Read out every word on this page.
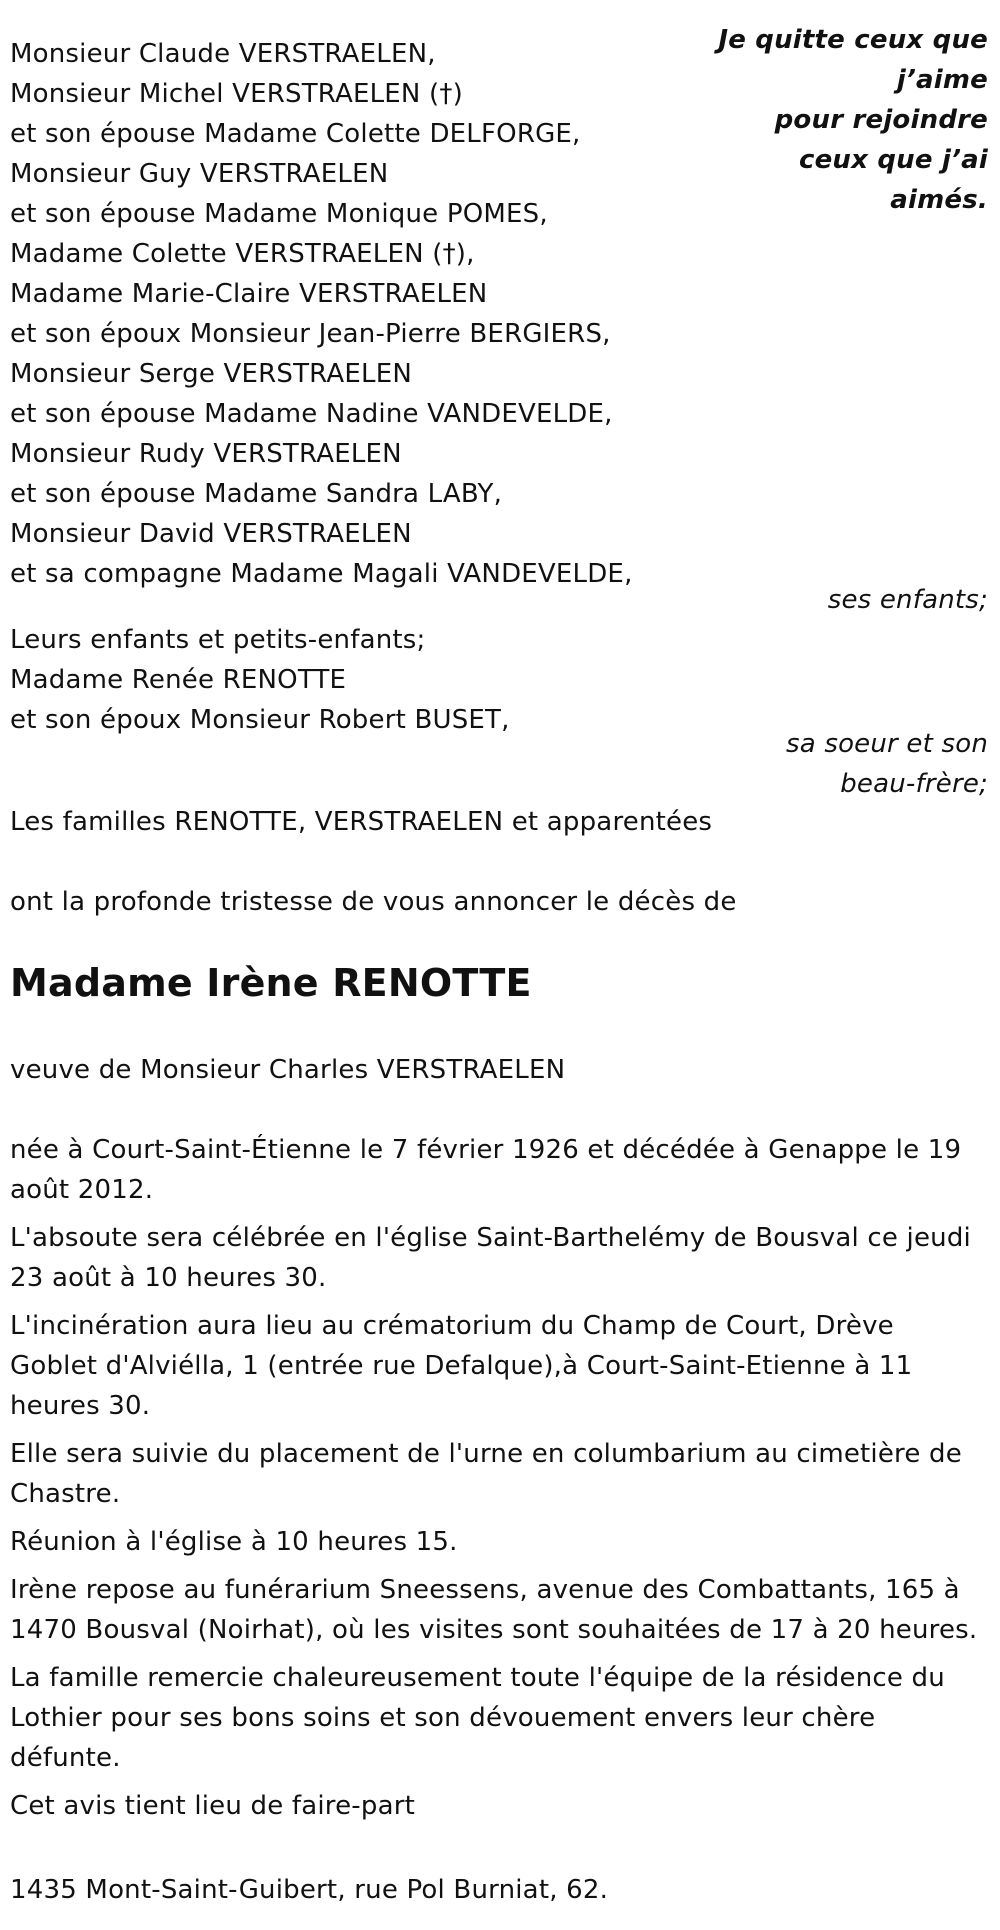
Je quitte ceux que
j’aime
pour rejoindre
ceux que j’ai
aimés.
Monsieur Claude VERSTRAELEN,
Monsieur Michel VERSTRAELEN (†)
et son épouse Madame Colette DELFORGE,
Monsieur Guy VERSTRAELEN
et son épouse Madame Monique POMES,
Madame Colette VERSTRAELEN (†),
Madame Marie-Claire VERSTRAELEN
et son époux Monsieur Jean-Pierre BERGIERS,
Monsieur Serge VERSTRAELEN
et son épouse Madame Nadine VANDEVELDE,
Monsieur Rudy VERSTRAELEN
et son épouse Madame Sandra LABY,
Monsieur David VERSTRAELEN
et sa compagne Madame Magali VANDEVELDE,
ses enfants;
Leurs enfants et petits-enfants;
Madame Renée RENOTTE
et son époux Monsieur Robert BUSET,
sa soeur et son
beau-frère;
Les familles RENOTTE, VERSTRAELEN et apparentées
ont la profonde tristesse de vous annoncer le décès de
Madame Irène RENOTTE
veuve de Monsieur Charles VERSTRAELEN
née à Court-Saint-Étienne le 7 février 1926 et décédée à Genappe le 19 août 2012.
L'absoute sera célébrée en l'église Saint-Barthelémy de Bousval ce jeudi 23 août à 10 heures 30.
L'incinération aura lieu au crématorium du Champ de Court, Drève Goblet d'Alviélla, 1 (entrée rue Defalque),à Court-Saint-Etienne à 11 heures 30.
Elle sera suivie du placement de l'urne en columbarium au cimetière de Chastre.
Réunion à l'église à 10 heures 15.
Irène repose au funérarium Sneessens, avenue des Combattants, 165 à 1470 Bousval (Noirhat), où les visites sont souhaitées de 17 à 20 heures.
La famille remercie chaleureusement toute l'équipe de la résidence du Lothier pour ses bons soins et son dévouement envers leur chère défunte.
Cet avis tient lieu de faire-part
1435 Mont-Saint-Guibert, rue Pol Burniat, 62.
